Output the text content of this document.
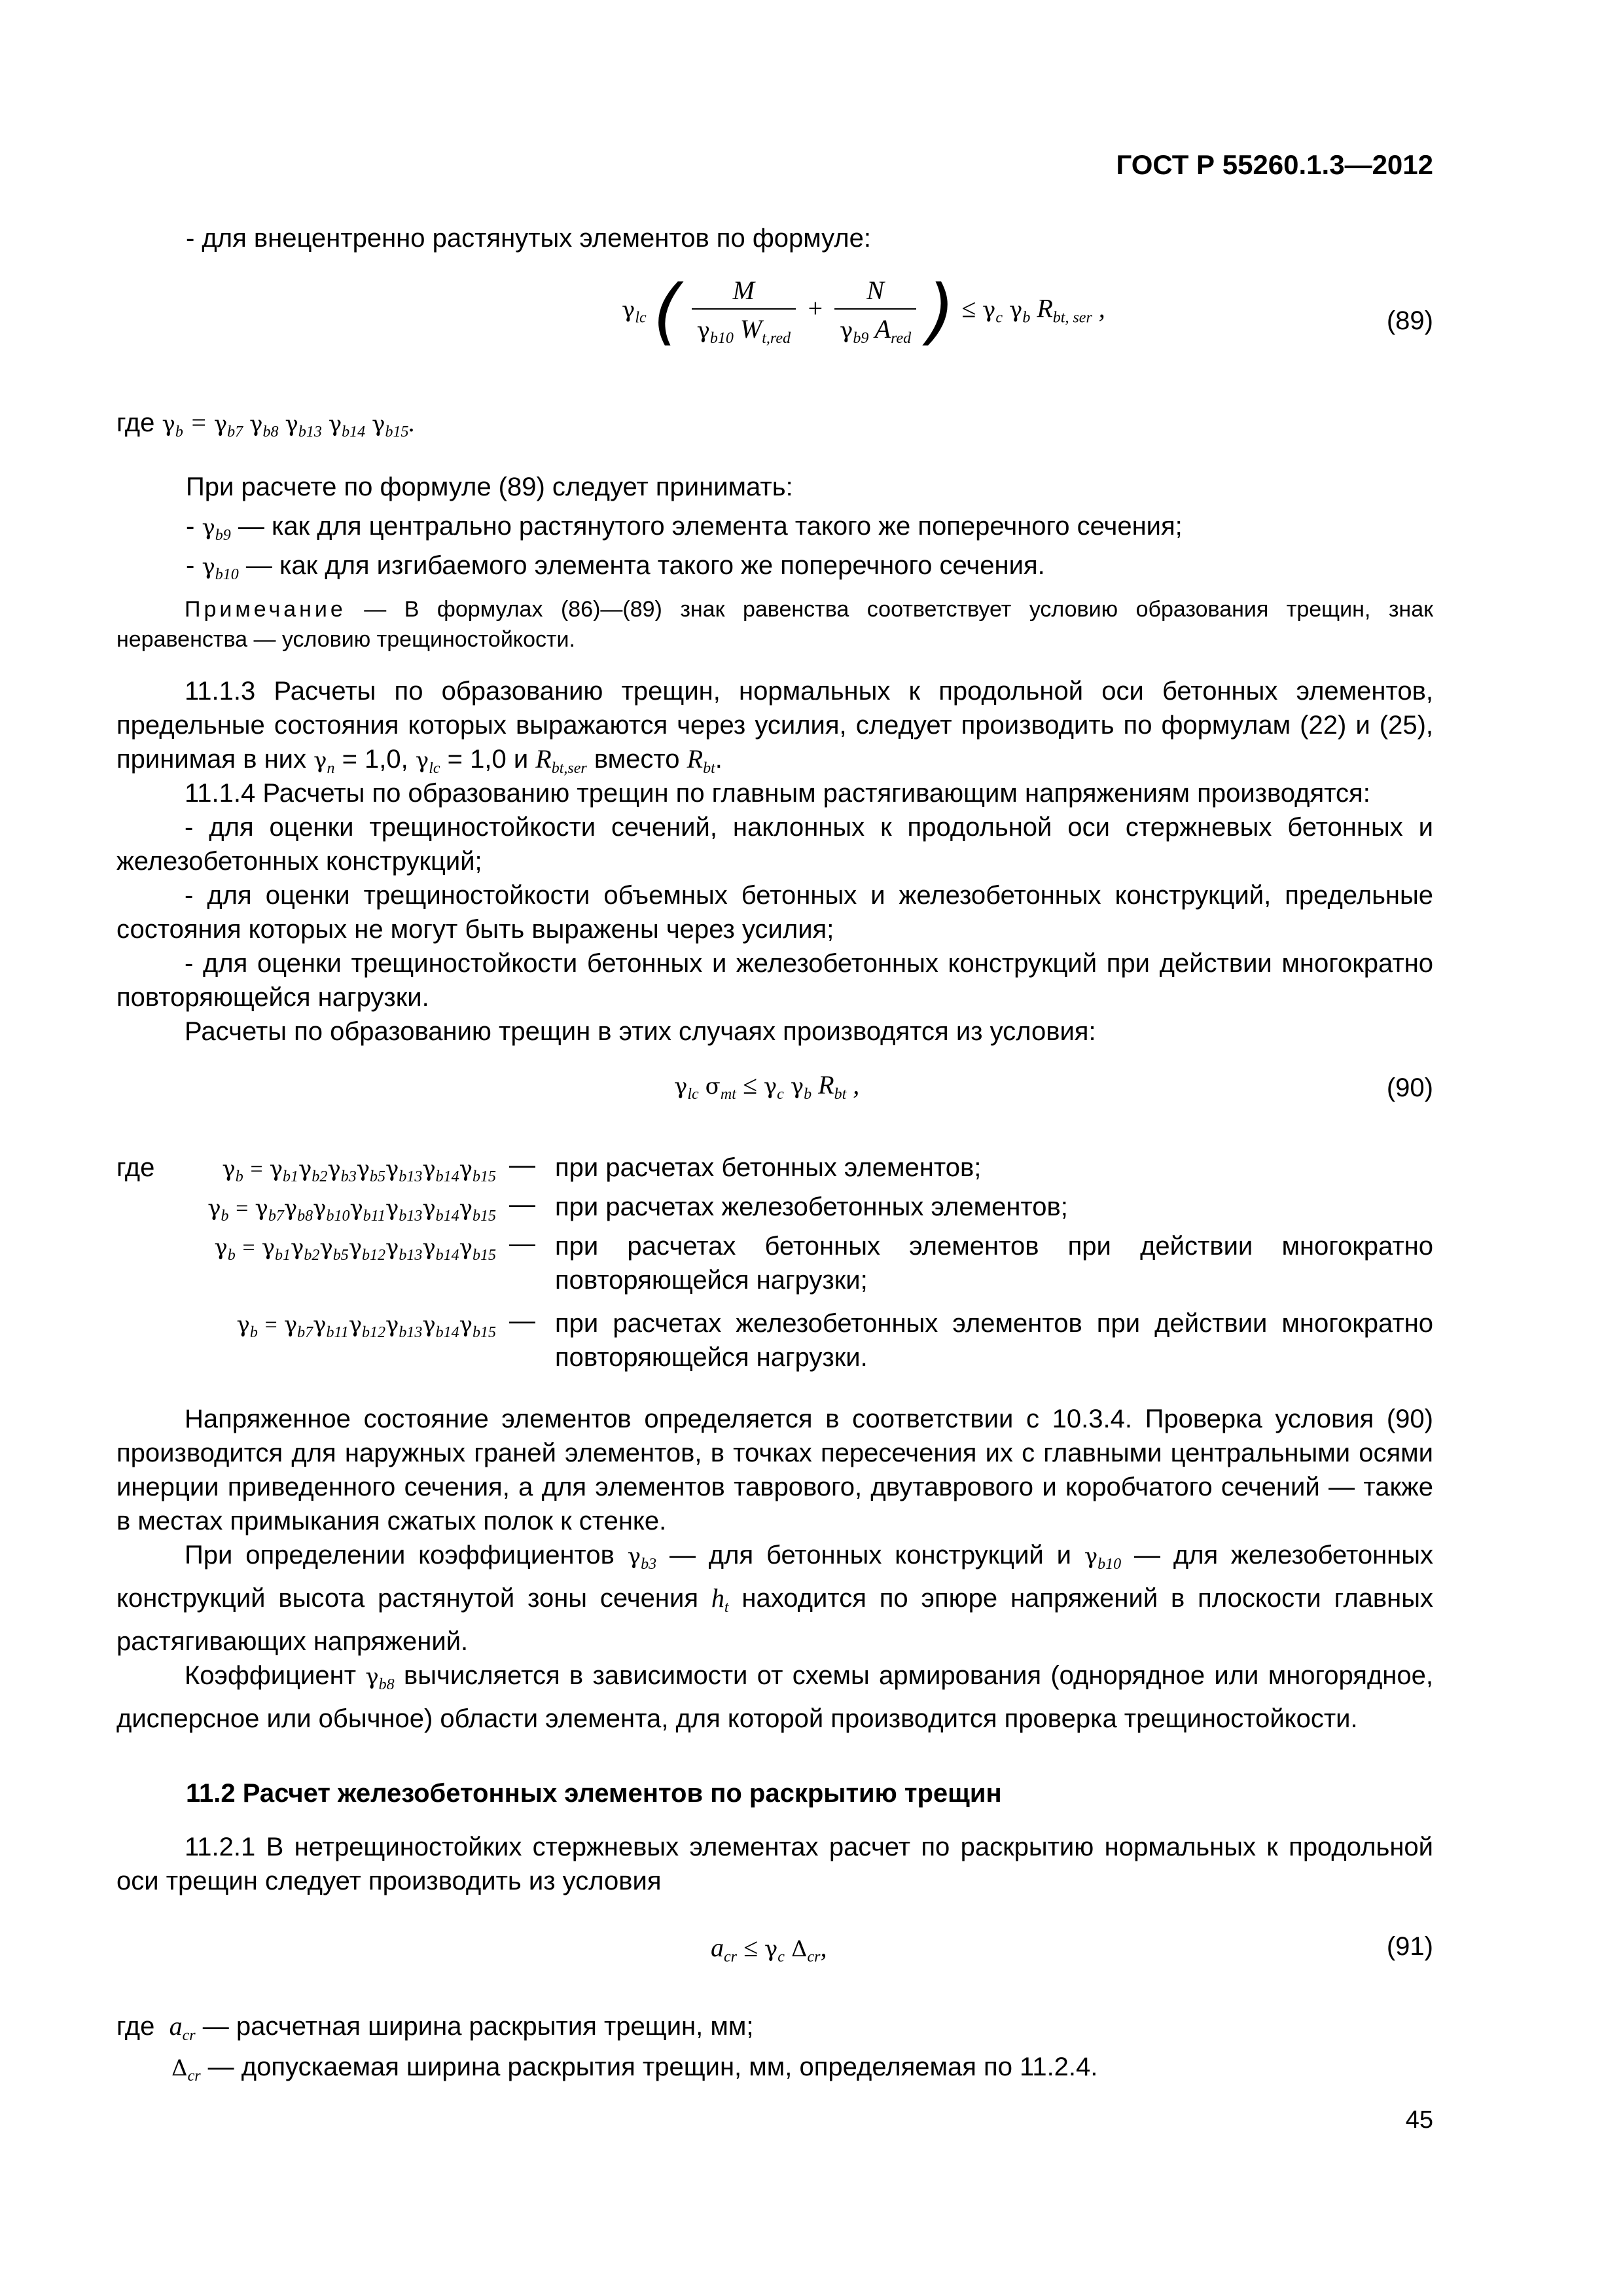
ГОСТ Р 55260.1.3—2012
- для внецентренно растянутых элементов по формуле:
$\gamma_{lc}$ ( $\frac{M}{\gamma_{b10} W_{t,red}} + \frac{N}{\gamma_{b9} A_{red}}$ ) ≤ $\gamma_c$ $\gamma_b$ $R_{bt, ser}$ ,	(89)
где $\gamma_b = \gamma_{b7}$ $\gamma_{b8}$ $\gamma_{b13}$ $\gamma_{b14}$ $\gamma_{b15}$.
При расчете по формуле (89) следует принимать:
- $\gamma_{b9}$ — как для центрально растянутого элемента такого же поперечного сечения;
- $\gamma_{b10}$ — как для изгибаемого элемента такого же поперечного сечения.
Примечание — В формулах (86)—(89) знак равенства соответствует условию образования трещин, знак неравенства — условию трещиностойкости.
11.1.3 Расчеты по образованию трещин, нормальных к продольной оси бетонных элементов, предельные состояния которых выражаются через усилия, следует производить по формулам (22) и (25), принимая в них $\gamma_n = 1,0$, $\gamma_{lc} = 1,0$ и $R_{bt,ser}$ вместо $R_{bt}$.
11.1.4 Расчеты по образованию трещин по главным растягивающим напряжениям производятся:
- для оценки трещиностойкости сечений, наклонных к продольной оси стержневых бетонных и железобетонных конструкций;
- для оценки трещиностойкости объемных бетонных и железобетонных конструкций, предельные состояния которых не могут быть выражены через усилия;
- для оценки трещиностойкости бетонных и железобетонных конструкций при действии многократно повторяющейся нагрузки.
Расчеты по образованию трещин в этих случаях производятся из условия:
$\gamma_{lc}$ $\sigma_{mt} \le \gamma_c$ $\gamma_b$ $R_{bt}$ ,	(90)
где	$\gamma_b = \gamma_{b1}\gamma_{b2}\gamma_{b3}\gamma_{b5}\gamma_{b13}\gamma_{b14}\gamma_{b15}$ — при расчетах бетонных элементов;
$\gamma_b = \gamma_{b7}\gamma_{b8}\gamma_{b10}\gamma_{b11}\gamma_{b13}\gamma_{b14}\gamma_{b15}$ — при расчетах железобетонных элементов;
$\gamma_b = \gamma_{b1}\gamma_{b2}\gamma_{b5}\gamma_{b12}\gamma_{b13}\gamma_{b14}\gamma_{b15}$ — при расчетах бетонных элементов при действии многократно повторяющейся нагрузки;
$\gamma_b = \gamma_{b7}\gamma_{b11}\gamma_{b12}\gamma_{b13}\gamma_{b14}\gamma_{b15}$ — при расчетах железобетонных элементов при действии многократно повторяющейся нагрузки.
Напряженное состояние элементов определяется в соответствии с 10.3.4. Проверка условия (90) производится для наружных граней элементов, в точках пересечения их с главными центральными осями инерции приведенного сечения, а для элементов таврового, двутаврового и коробчатого сечений — также в местах примыкания сжатых полок к стенке.
При определении коэффициентов $\gamma_{b3}$ — для бетонных конструкций и $\gamma_{b10}$ — для железобетонных конструкций высота растянутой зоны сечения $h_t$ находится по эпюре напряжений в плоскости главных растягивающих напряжений.
Коэффициент $\gamma_{b8}$ вычисляется в зависимости от схемы армирования (однорядное или многорядное, дисперсное или обычное) области элемента, для которой производится проверка трещиностойкости.
11.2 Расчет железобетонных элементов по раскрытию трещин
11.2.1 В нетрещиностойких стержневых элементах расчет по раскрытию нормальных к продольной оси трещин следует производить из условия
$a_{cr} \le \gamma_c$ $\Delta_{cr}$,	(91)
где $a_{cr}$ — расчетная ширина раскрытия трещин, мм;
$\Delta_{cr}$ — допускаемая ширина раскрытия трещин, мм, определяемая по 11.2.4.
45
